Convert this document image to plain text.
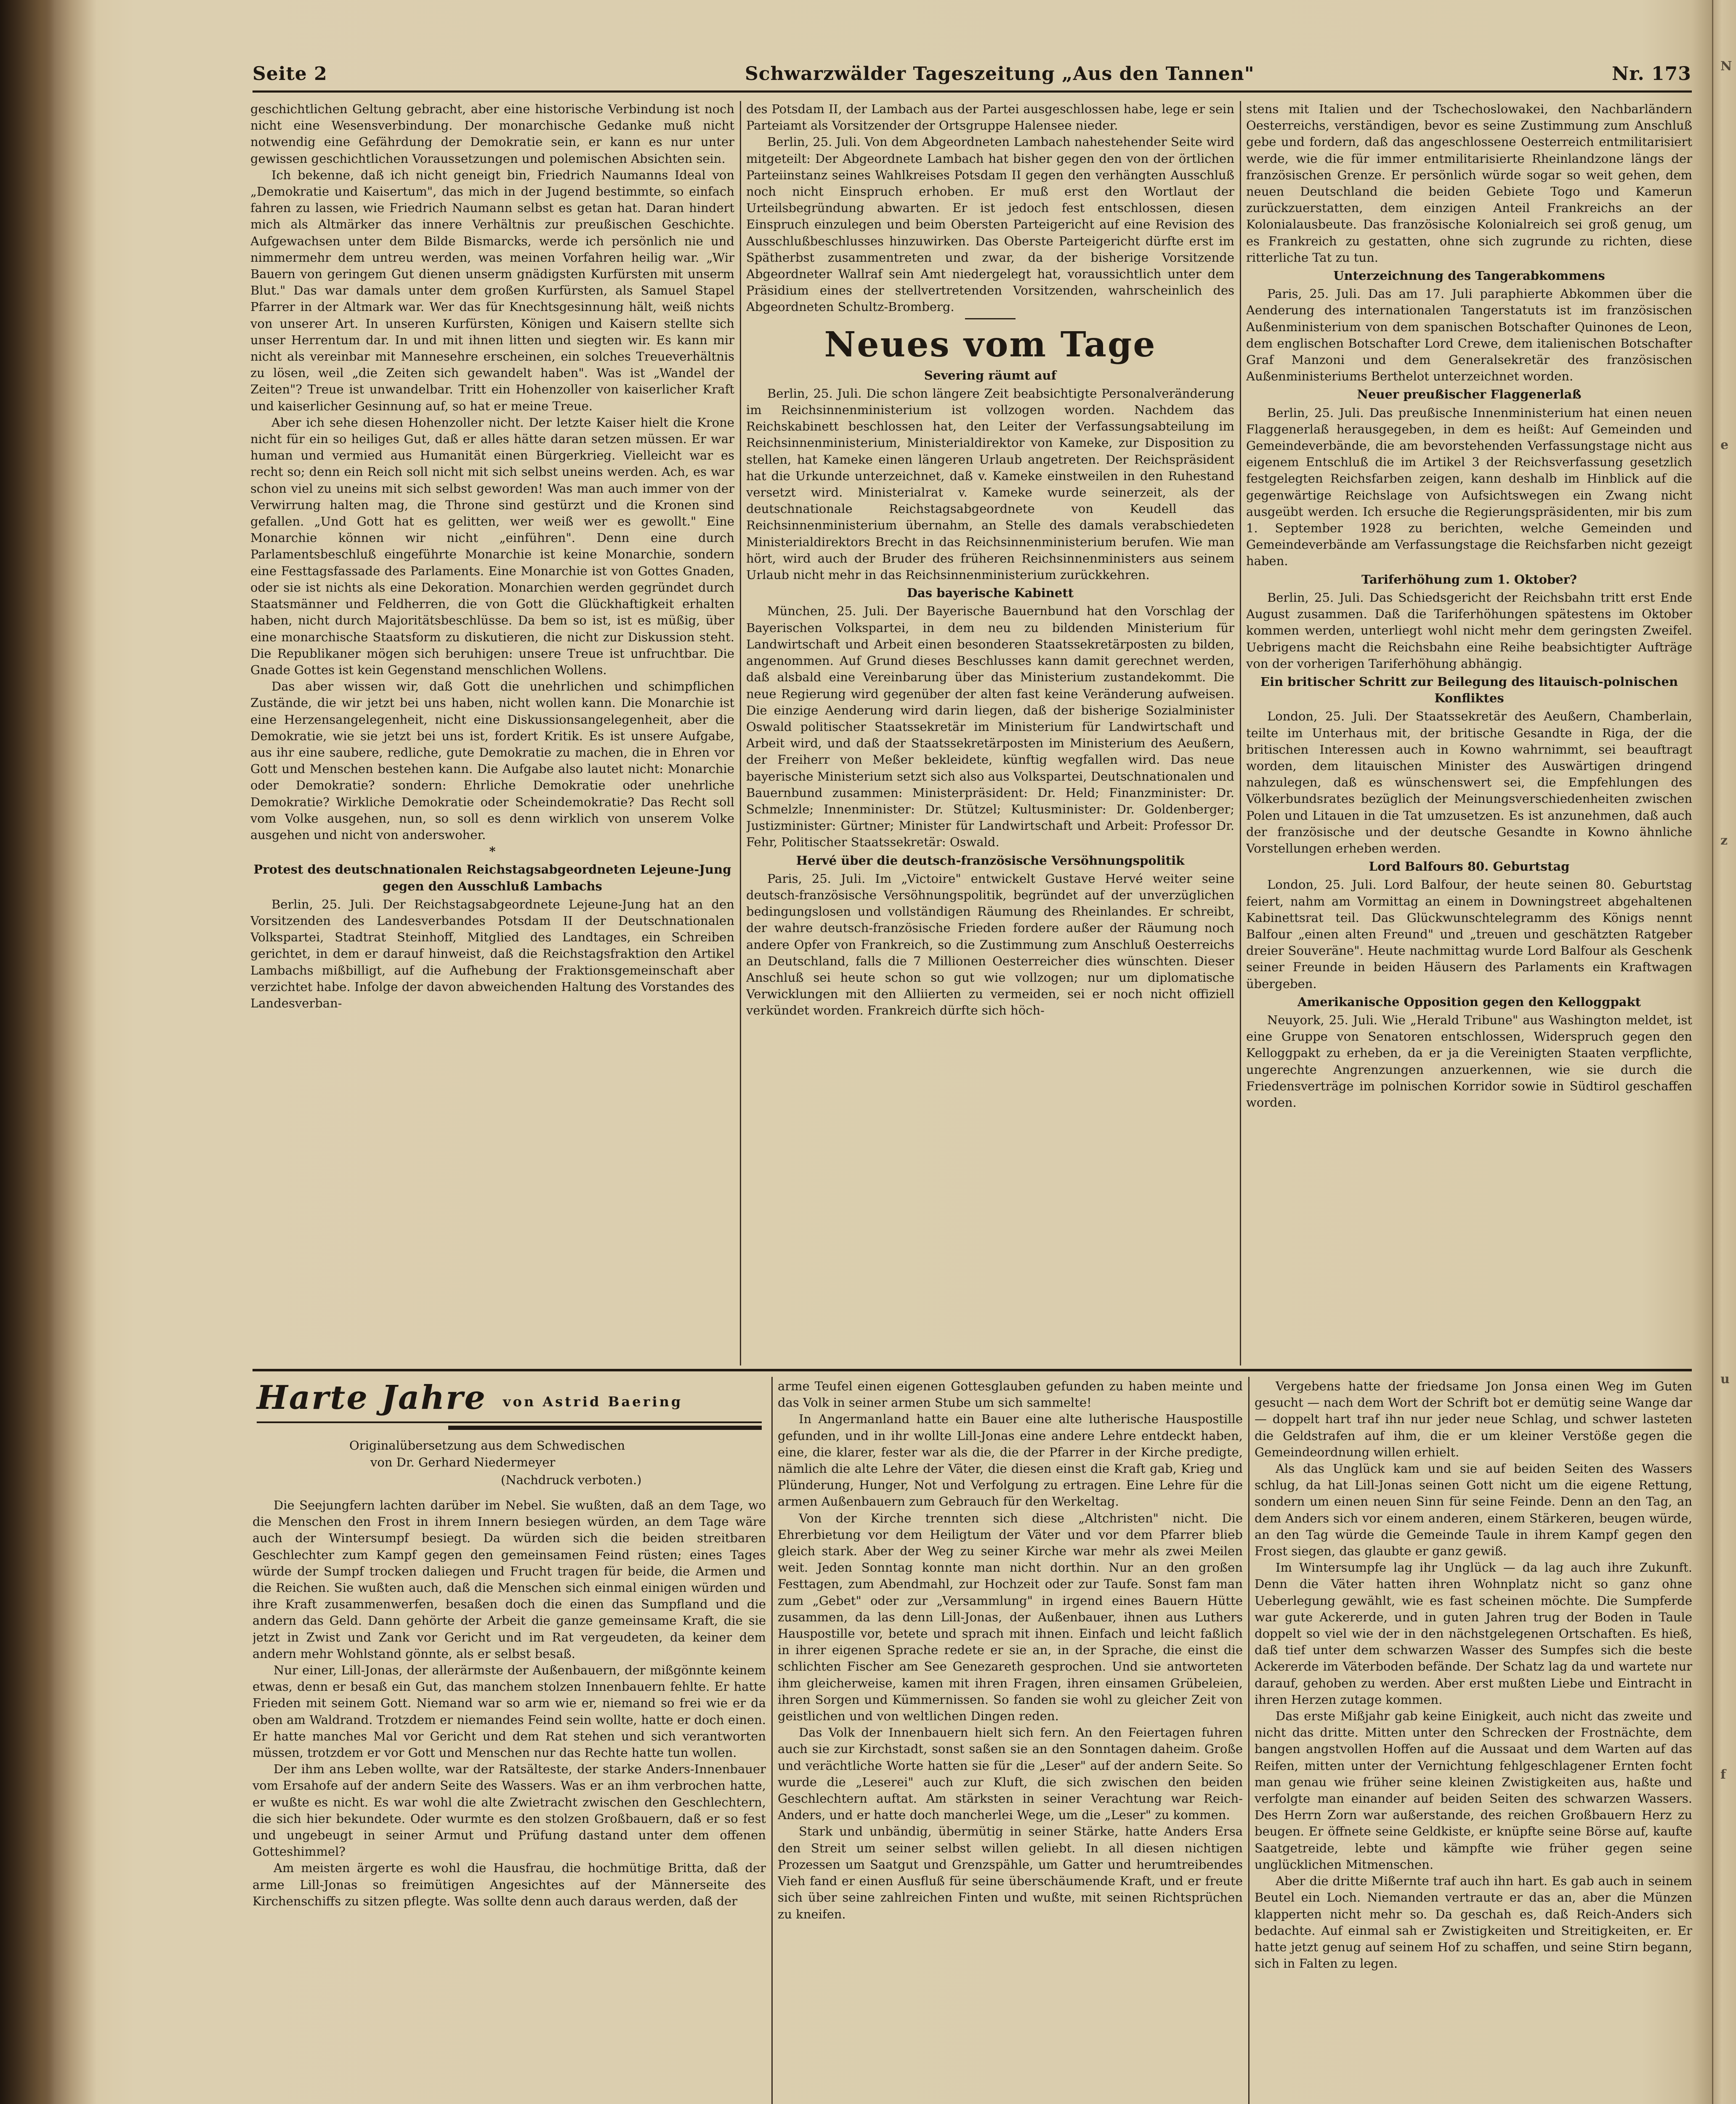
N
e
z
u
f
Seite 2	Schwarzwälder Tageszeitung „Aus den Tannen"	Nr. 173

geschichtlichen Geltung gebracht, aber eine historische Verbindung ist noch nicht eine Wesensverbindung. Der monarchische Gedanke muß nicht notwendig eine Gefährdung der Demokratie sein, er kann es nur unter gewissen geschichtlichen Voraussetzungen und polemischen Absichten sein.

Ich bekenne, daß ich nicht geneigt bin, Friedrich Naumanns Ideal von „Demokratie und Kaisertum", das mich in der Jugend bestimmte, so einfach fahren zu lassen, wie Friedrich Naumann selbst es getan hat. Daran hindert mich als Altmärker das innere Verhältnis zur preußischen Geschichte. Aufgewachsen unter dem Bilde Bismarcks, werde ich persönlich nie und nimmermehr dem untreu werden, was meinen Vorfahren heilig war. „Wir Bauern von geringem Gut dienen unserm gnädigsten Kurfürsten mit unserm Blut." Das war damals unter dem großen Kurfürsten, als Samuel Stapel Pfarrer in der Altmark war. Wer das für Knechtsgesinnung hält, weiß nichts von unserer Art. In unseren Kurfürsten, Königen und Kaisern stellte sich unser Herrentum dar. In und mit ihnen litten und siegten wir. Es kann mir nicht als vereinbar mit Mannesehre erscheinen, ein solches Treueverhältnis zu lösen, weil „die Zeiten sich gewandelt haben". Was ist „Wandel der Zeiten"? Treue ist unwandelbar. Tritt ein Hohenzoller von kaiserlicher Kraft und kaiserlicher Gesinnung auf, so hat er meine Treue.

Aber ich sehe diesen Hohenzoller nicht. Der letzte Kaiser hielt die Krone nicht für ein so heiliges Gut, daß er alles hätte daran setzen müssen. Er war human und vermied aus Humanität einen Bürgerkrieg. Vielleicht war es recht so; denn ein Reich soll nicht mit sich selbst uneins werden. Ach, es war schon viel zu uneins mit sich selbst geworden! Was man auch immer von der Verwirrung halten mag, die Throne sind gestürzt und die Kronen sind gefallen. „Und Gott hat es gelitten, wer weiß wer es gewollt." Eine Monarchie können wir nicht „einführen". Denn eine durch Parlamentsbeschluß eingeführte Monarchie ist keine Monarchie, sondern eine Festtagsfassade des Parlaments. Eine Monarchie ist von Gottes Gnaden, oder sie ist nichts als eine Dekoration. Monarchien werden gegründet durch Staatsmänner und Feldherren, die von Gott die Glückhaftigkeit erhalten haben, nicht durch Majoritätsbeschlüsse. Da bem so ist, ist es müßig, über eine monarchische Staatsform zu diskutieren, die nicht zur Diskussion steht. Die Republikaner mögen sich beruhigen: unsere Treue ist unfruchtbar. Die Gnade Gottes ist kein Gegenstand menschlichen Wollens.

Das aber wissen wir, daß Gott die unehrlichen und schimpflichen Zustände, die wir jetzt bei uns haben, nicht wollen kann. Die Monarchie ist eine Herzensangelegenheit, nicht eine Diskussionsangelegenheit, aber die Demokratie, wie sie jetzt bei uns ist, fordert Kritik. Es ist unsere Aufgabe, aus ihr eine saubere, redliche, gute Demokratie zu machen, die in Ehren vor Gott und Menschen bestehen kann. Die Aufgabe also lautet nicht: Monarchie oder Demokratie? sondern: Ehrliche Demokratie oder unehrliche Demokratie? Wirkliche Demokratie oder Scheindemokratie? Das Recht soll vom Volke ausgehen, nun, so soll es denn wirklich von unserem Volke ausgehen und nicht von anderswoher.

*

Protest des deutschnationalen Reichstagsabgeordneten Lejeune-Jung gegen den Ausschluß Lambachs

Berlin, 25. Juli. Der Reichstagsabgeordnete Lejeune-Jung hat an den Vorsitzenden des Landesverbandes Potsdam II der Deutschnationalen Volkspartei, Stadtrat Steinhoff, Mitglied des Landtages, ein Schreiben gerichtet, in dem er darauf hinweist, daß die Reichstagsfraktion den Artikel Lambachs mißbilligt, auf die Aufhebung der Fraktionsgemeinschaft aber verzichtet habe. Infolge der davon abweichenden Haltung des Vorstandes des Landesverban-

des Potsdam II, der Lambach aus der Partei ausgeschlossen habe, lege er sein Parteiamt als Vorsitzender der Ortsgruppe Halensee nieder.

Berlin, 25. Juli. Von dem Abgeordneten Lambach nahestehender Seite wird mitgeteilt: Der Abgeordnete Lambach hat bisher gegen den von der örtlichen Parteiinstanz seines Wahlkreises Potsdam II gegen den verhängten Ausschluß noch nicht Einspruch erhoben. Er muß erst den Wortlaut der Urteilsbegründung abwarten. Er ist jedoch fest entschlossen, diesen Einspruch einzulegen und beim Obersten Parteigericht auf eine Revision des Ausschlußbeschlusses hinzuwirken. Das Oberste Parteigericht dürfte erst im Spätherbst zusammentreten und zwar, da der bisherige Vorsitzende Abgeordneter Wallraf sein Amt niedergelegt hat, voraussichtlich unter dem Präsidium eines der stellvertretenden Vorsitzenden, wahrscheinlich des Abgeordneten Schultz-Bromberg.

Neues vom Tage

Severing räumt auf

Berlin, 25. Juli. Die schon längere Zeit beabsichtigte Personalveränderung im Reichsinnenministerium ist vollzogen worden. Nachdem das Reichskabinett beschlossen hat, den Leiter der Verfassungsabteilung im Reichsinnenministerium, Ministerialdirektor von Kameke, zur Disposition zu stellen, hat Kameke einen längeren Urlaub angetreten. Der Reichspräsident hat die Urkunde unterzeichnet, daß v. Kameke einstweilen in den Ruhestand versetzt wird. Ministerialrat v. Kameke wurde seinerzeit, als der deutschnationale Reichstagsabgeordnete von Keudell das Reichsinnenministerium übernahm, an Stelle des damals verabschiedeten Ministerialdirektors Brecht in das Reichsinnenministerium berufen. Wie man hört, wird auch der Bruder des früheren Reichsinnenministers aus seinem Urlaub nicht mehr in das Reichsinnenministerium zurückkehren.

Das bayerische Kabinett

München, 25. Juli. Der Bayerische Bauernbund hat den Vorschlag der Bayerischen Volkspartei, in dem neu zu bildenden Ministerium für Landwirtschaft und Arbeit einen besonderen Staatssekretärposten zu bilden, angenommen. Auf Grund dieses Beschlusses kann damit gerechnet werden, daß alsbald eine Vereinbarung über das Ministerium zustandekommt. Die neue Regierung wird gegenüber der alten fast keine Veränderung aufweisen. Die einzige Aenderung wird darin liegen, daß der bisherige Sozialminister Oswald politischer Staatssekretär im Ministerium für Landwirtschaft und Arbeit wird, und daß der Staatssekretärposten im Ministerium des Aeußern, der Freiherr von Meßer bekleidete, künftig wegfallen wird. Das neue bayerische Ministerium setzt sich also aus Volkspartei, Deutschnationalen und Bauernbund zusammen: Ministerpräsident: Dr. Held; Finanzminister: Dr. Schmelzle; Innenminister: Dr. Stützel; Kultusminister: Dr. Goldenberger; Justizminister: Gürtner; Minister für Landwirtschaft und Arbeit: Professor Dr. Fehr, Politischer Staatssekretär: Oswald.

Hervé über die deutsch-französische Versöhnungspolitik

Paris, 25. Juli. Im „Victoire" entwickelt Gustave Hervé weiter seine deutsch-französische Versöhnungspolitik, begründet auf der unverzüglichen bedingungslosen und vollständigen Räumung des Rheinlandes. Er schreibt, der wahre deutsch-französische Frieden fordere außer der Räumung noch andere Opfer von Frankreich, so die Zustimmung zum Anschluß Oesterreichs an Deutschland, falls die 7 Millionen Oesterreicher dies wünschten. Dieser Anschluß sei heute schon so gut wie vollzogen; nur um diplomatische Verwicklungen mit den Alliierten zu vermeiden, sei er noch nicht offiziell verkündet worden. Frankreich dürfte sich höch-

stens mit Italien und der Tschechoslowakei, den Nachbarländern Oesterreichs, verständigen, bevor es seine Zustimmung zum Anschluß gebe und fordern, daß das angeschlossene Oesterreich entmilitarisiert werde, wie die für immer entmilitarisierte Rheinlandzone längs der französischen Grenze. Er persönlich würde sogar so weit gehen, dem neuen Deutschland die beiden Gebiete Togo und Kamerun zurückzuerstatten, dem einzigen Anteil Frankreichs an der Kolonialausbeute. Das französische Kolonialreich sei groß genug, um es Frankreich zu gestatten, ohne sich zugrunde zu richten, diese ritterliche Tat zu tun.

Unterzeichnung des Tangerabkommens

Paris, 25. Juli. Das am 17. Juli paraphierte Abkommen über die Aenderung des internationalen Tangerstatuts ist im französischen Außenministerium von dem spanischen Botschafter Quinones de Leon, dem englischen Botschafter Lord Crewe, dem italienischen Botschafter Graf Manzoni und dem Generalsekretär des französischen Außenministeriums Berthelot unterzeichnet worden.

Neuer preußischer Flaggenerlaß

Berlin, 25. Juli. Das preußische Innenministerium hat einen neuen Flaggenerlaß herausgegeben, in dem es heißt: Auf Gemeinden und Gemeindeverbände, die am bevorstehenden Verfassungstage nicht aus eigenem Entschluß die im Artikel 3 der Reichsverfassung gesetzlich festgelegten Reichsfarben zeigen, kann deshalb im Hinblick auf die gegenwärtige Reichslage von Aufsichtswegen ein Zwang nicht ausgeübt werden. Ich ersuche die Regierungspräsidenten, mir bis zum 1. September 1928 zu berichten, welche Gemeinden und Gemeindeverbände am Verfassungstage die Reichsfarben nicht gezeigt haben.

Tariferhöhung zum 1. Oktober?

Berlin, 25. Juli. Das Schiedsgericht der Reichsbahn tritt erst Ende August zusammen. Daß die Tariferhöhungen spätestens im Oktober kommen werden, unterliegt wohl nicht mehr dem geringsten Zweifel. Uebrigens macht die Reichsbahn eine Reihe beabsichtigter Aufträge von der vorherigen Tariferhöhung abhängig.

Ein britischer Schritt zur Beilegung des litauisch-polnischen Konfliktes

London, 25. Juli. Der Staatssekretär des Aeußern, Chamberlain, teilte im Unterhaus mit, der britische Gesandte in Riga, der die britischen Interessen auch in Kowno wahrnimmt, sei beauftragt worden, dem litauischen Minister des Auswärtigen dringend nahzulegen, daß es wünschenswert sei, die Empfehlungen des Völkerbundsrates bezüglich der Meinungsverschiedenheiten zwischen Polen und Litauen in die Tat umzusetzen. Es ist anzunehmen, daß auch der französische und der deutsche Gesandte in Kowno ähnliche Vorstellungen erheben werden.

Lord Balfours 80. Geburtstag

London, 25. Juli. Lord Balfour, der heute seinen 80. Geburtstag feiert, nahm am Vormittag an einem in Downingstreet abgehaltenen Kabinettsrat teil. Das Glückwunschtelegramm des Königs nennt Balfour „einen alten Freund" und „treuen und geschätzten Ratgeber dreier Souveräne". Heute nachmittag wurde Lord Balfour als Geschenk seiner Freunde in beiden Häusern des Parlaments ein Kraftwagen übergeben.

Amerikanische Opposition gegen den Kelloggpakt

Neuyork, 25. Juli. Wie „Herald Tribune" aus Washington meldet, ist eine Gruppe von Senatoren entschlossen, Widerspruch gegen den Kelloggpakt zu erheben, da er ja die Vereinigten Staaten verpflichte, ungerechte Angrenzungen anzuerkennen, wie sie durch die Friedensverträge im polnischen Korridor sowie in Südtirol geschaffen worden.

Harte Jahre von Astrid Baering
Originalübersetzung aus dem Schwedischen
von Dr. Gerhard Niedermeyer
(Nachdruck verboten.)

Die Seejungfern lachten darüber im Nebel. Sie wußten, daß an dem Tage, wo die Menschen den Frost in ihrem Innern besiegen würden, an dem Tage wäre auch der Wintersumpf besiegt. Da würden sich die beiden streitbaren Geschlechter zum Kampf gegen den gemeinsamen Feind rüsten; eines Tages würde der Sumpf trocken daliegen und Frucht tragen für beide, die Armen und die Reichen. Sie wußten auch, daß die Menschen sich einmal einigen würden und ihre Kraft zusammenwerfen, besaßen doch die einen das Sumpfland und die andern das Geld. Dann gehörte der Arbeit die ganze gemeinsame Kraft, die sie jetzt in Zwist und Zank vor Gericht und im Rat vergeudeten, da keiner dem andern mehr Wohlstand gönnte, als er selbst besaß.

Nur einer, Lill-Jonas, der allerärmste der Außenbauern, der mißgönnte keinem etwas, denn er besaß ein Gut, das manchem stolzen Innenbauern fehlte. Er hatte Frieden mit seinem Gott. Niemand war so arm wie er, niemand so frei wie er da oben am Waldrand. Trotzdem er niemandes Feind sein wollte, hatte er doch einen. Er hatte manches Mal vor Gericht und dem Rat stehen und sich verantworten müssen, trotzdem er vor Gott und Menschen nur das Rechte hatte tun wollen.

Der ihm ans Leben wollte, war der Ratsälteste, der starke Anders-Innenbauer vom Ersahofe auf der andern Seite des Wassers. Was er an ihm verbrochen hatte, er wußte es nicht. Es war wohl die alte Zwietracht zwischen den Geschlechtern, die sich hier bekundete. Oder wurmte es den stolzen Großbauern, daß er so fest und ungebeugt in seiner Armut und Prüfung dastand unter dem offenen Gotteshimmel?

Am meisten ärgerte es wohl die Hausfrau, die hochmütige Britta, daß der arme Lill-Jonas so freimütigen Angesichtes auf der Männerseite des Kirchenschiffs zu sitzen pflegte. Was sollte denn auch daraus werden, daß der

arme Teufel einen eigenen Gottesglauben gefunden zu haben meinte und das Volk in seiner armen Stube um sich sammelte!

In Angermanland hatte ein Bauer eine alte lutherische Hauspostille gefunden, und in ihr wollte Lill-Jonas eine andere Lehre entdeckt haben, eine, die klarer, fester war als die, die der Pfarrer in der Kirche predigte, nämlich die alte Lehre der Väter, die diesen einst die Kraft gab, Krieg und Plünderung, Hunger, Not und Verfolgung zu ertragen. Eine Lehre für die armen Außenbauern zum Gebrauch für den Werkeltag.

Von der Kirche trennten sich diese „Altchristen" nicht. Die Ehrerbietung vor dem Heiligtum der Väter und vor dem Pfarrer blieb gleich stark. Aber der Weg zu seiner Kirche war mehr als zwei Meilen weit. Jeden Sonntag konnte man nicht dorthin. Nur an den großen Festtagen, zum Abendmahl, zur Hochzeit oder zur Taufe. Sonst fam man zum „Gebet" oder zur „Versammlung" in irgend eines Bauern Hütte zusammen, da las denn Lill-Jonas, der Außenbauer, ihnen aus Luthers Hauspostille vor, betete und sprach mit ihnen. Einfach und leicht faßlich in ihrer eigenen Sprache redete er sie an, in der Sprache, die einst die schlichten Fischer am See Genezareth gesprochen. Und sie antworteten ihm gleicherweise, kamen mit ihren Fragen, ihren einsamen Grübeleien, ihren Sorgen und Kümmernissen. So fanden sie wohl zu gleicher Zeit von geistlichen und von weltlichen Dingen reden.

Das Volk der Innenbauern hielt sich fern. An den Feiertagen fuhren auch sie zur Kirchstadt, sonst saßen sie an den Sonntagen daheim. Große und verächtliche Worte hatten sie für die „Leser" auf der andern Seite. So wurde die „Leserei" auch zur Kluft, die sich zwischen den beiden Geschlechtern auftat. Am stärksten in seiner Verachtung war Reich-Anders, und er hatte doch mancherlei Wege, um die „Leser" zu kommen.

Stark und unbändig, übermütig in seiner Stärke, hatte Anders Ersa den Streit um seiner selbst willen geliebt. In all diesen nichtigen Prozessen um Saatgut und Grenzspähle, um Gatter und herumtreibendes Vieh fand er einen Ausfluß für seine überschäumende Kraft, und er freute sich über seine zahlreichen Finten und wußte, mit seinen Richtsprüchen zu kneifen.

Vergebens hatte der friedsame Jon Jonsa einen Weg im Guten gesucht — nach dem Wort der Schrift bot er demütig seine Wange dar — doppelt hart traf ihn nur jeder neue Schlag, und schwer lasteten die Geldstrafen auf ihm, die er um kleiner Verstöße gegen die Gemeindeordnung willen erhielt.

Als das Unglück kam und sie auf beiden Seiten des Wassers schlug, da hat Lill-Jonas seinen Gott nicht um die eigene Rettung, sondern um einen neuen Sinn für seine Feinde. Denn an den Tag, an dem Anders sich vor einem anderen, einem Stärkeren, beugen würde, an den Tag würde die Gemeinde Taule in ihrem Kampf gegen den Frost siegen, das glaubte er ganz gewiß.

Im Wintersumpfe lag ihr Unglück — da lag auch ihre Zukunft. Denn die Väter hatten ihren Wohnplatz nicht so ganz ohne Ueberlegung gewählt, wie es fast scheinen möchte. Die Sumpferde war gute Ackererde, und in guten Jahren trug der Boden in Taule doppelt so viel wie der in den nächstgelegenen Ortschaften. Es hieß, daß tief unter dem schwarzen Wasser des Sumpfes sich die beste Ackererde im Väterboden befände. Der Schatz lag da und wartete nur darauf, gehoben zu werden. Aber erst mußten Liebe und Eintracht in ihren Herzen zutage kommen.

Das erste Mißjahr gab keine Einigkeit, auch nicht das zweite und nicht das dritte. Mitten unter den Schrecken der Frostnächte, dem bangen angstvollen Hoffen auf die Aussaat und dem Warten auf das Reifen, mitten unter der Vernichtung fehlgeschlagener Ernten focht man genau wie früher seine kleinen Zwistigkeiten aus, haßte und verfolgte man einander auf beiden Seiten des schwarzen Wassers. Des Herrn Zorn war außerstande, des reichen Großbauern Herz zu beugen. Er öffnete seine Geldkiste, er knüpfte seine Börse auf, kaufte Saatgetreide, lebte und kämpfte wie früher gegen seine unglücklichen Mitmenschen.

Aber die dritte Mißernte traf auch ihn hart. Es gab auch in seinem Beutel ein Loch. Niemanden vertraute er das an, aber die Münzen klapperten nicht mehr so. Da geschah es, daß Reich-Anders sich bedachte. Auf einmal sah er Zwistigkeiten und Streitigkeiten, er. Er hatte jetzt genug auf seinem Hof zu schaffen, und seine Stirn begann, sich in Falten zu legen.
